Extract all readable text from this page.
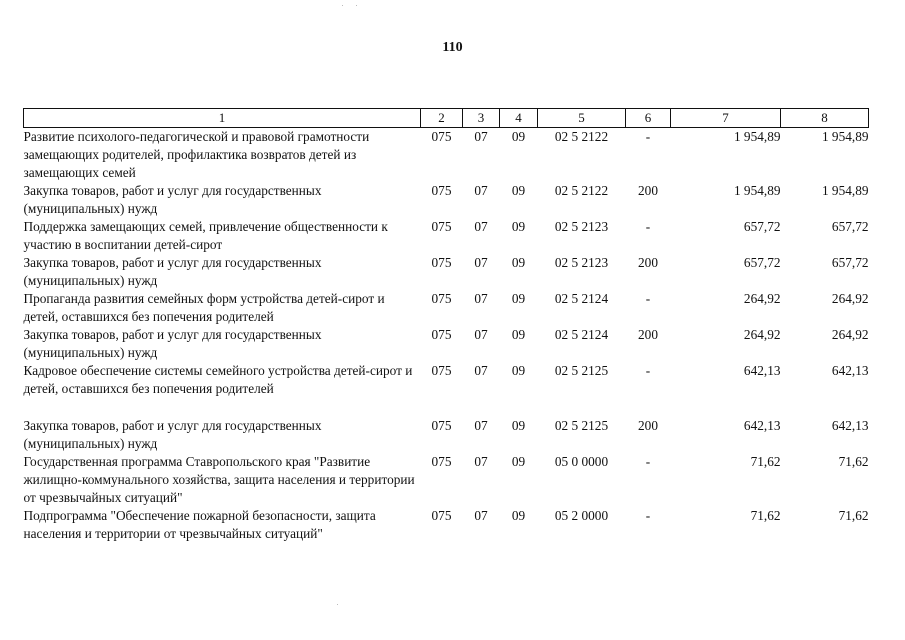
110
1	2	3	4	5	6	7	8
Развитие психолого-педагогической и правовой грамотности замещающих родителей, профилактика возвратов детей из замещающих семей	075	07	09	02 5 2122	-	1 954,89	1 954,89
Закупка товаров, работ и услуг для государственных (муниципальных) нужд	075	07	09	02 5 2122	200	1 954,89	1 954,89
Поддержка замещающих семей, привлечение общественности к участию в воспитании детей-сирот	075	07	09	02 5 2123	-	657,72	657,72
Закупка товаров, работ и услуг для государственных (муниципальных) нужд	075	07	09	02 5 2123	200	657,72	657,72
Пропаганда развития семейных форм устройства детей-сирот и детей, оставшихся без попечения родителей	075	07	09	02 5 2124	-	264,92	264,92
Закупка товаров, работ и услуг для государственных (муниципальных) нужд	075	07	09	02 5 2124	200	264,92	264,92
Кадровое обеспечение системы семейного устройства детей-сирот и детей, оставшихся без попечения родителей	075	07	09	02 5 2125	-	642,13	642,13
Закупка товаров, работ и услуг для государственных (муниципальных) нужд	075	07	09	02 5 2125	200	642,13	642,13
Государственная программа Ставропольского края "Развитие жилищно-коммунального хозяйства, защита населения и территории от чрезвычайных ситуаций"	075	07	09	05 0 0000	-	71,62	71,62
Подпрограмма "Обеспечение пожарной безопасности, защита населения и территории от чрезвычайных ситуаций"	075	07	09	05 2 0000	-	71,62	71,62
